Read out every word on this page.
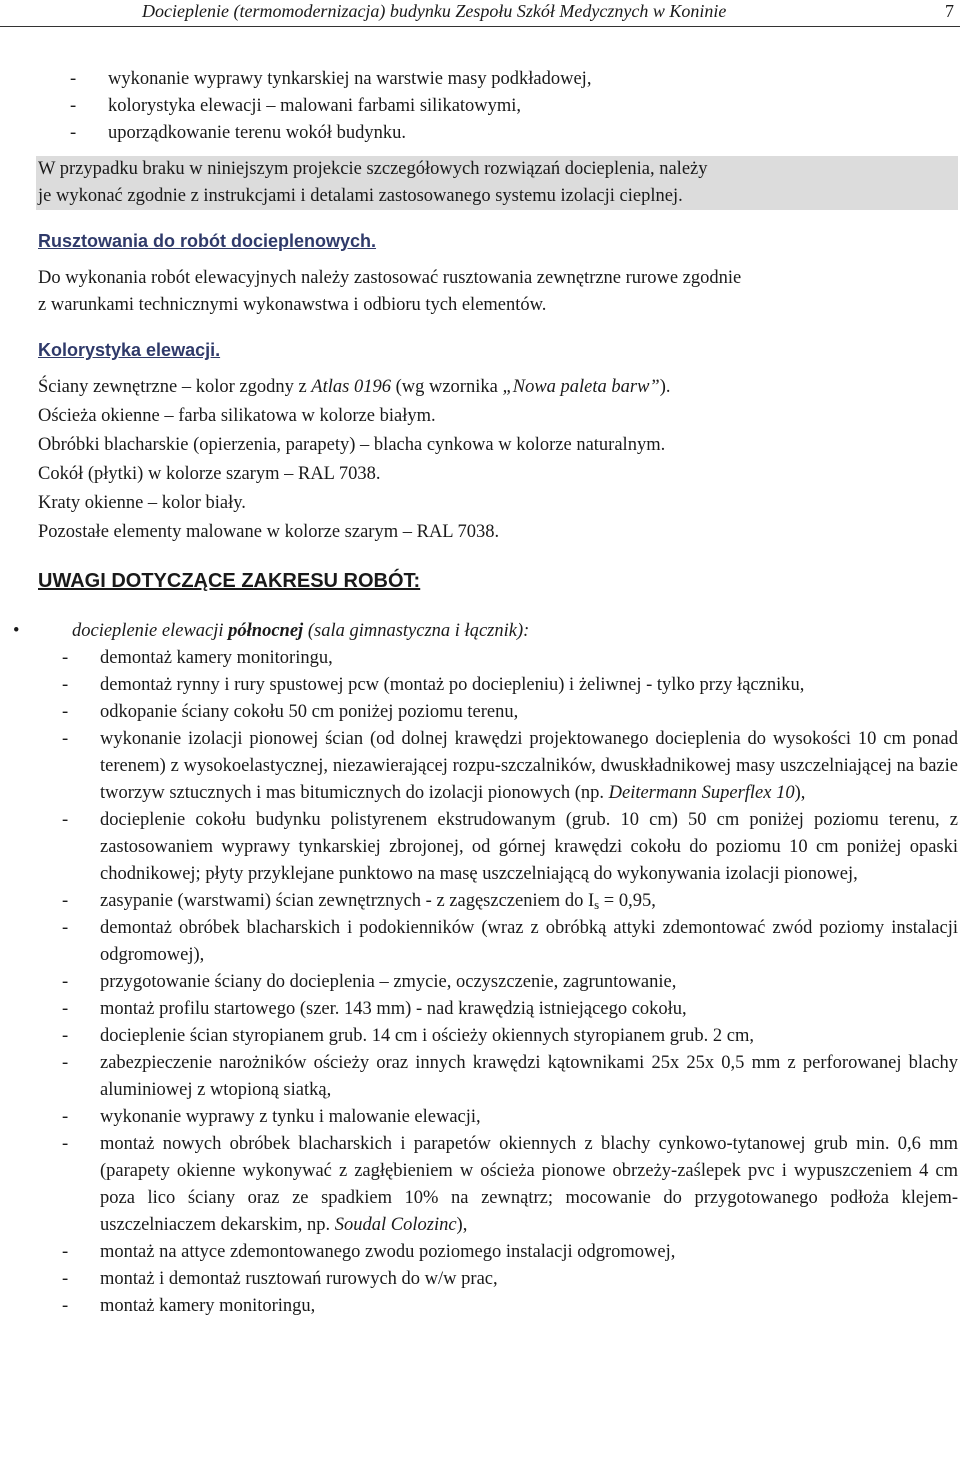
Docieplenie (termomodernizacja) budynku Zespołu Szkół Medycznych w Koninie	7
- wykonanie wyprawy tynkarskiej na warstwie masy podkładowej,
- kolorystyka elewacji – malowani farbami silikatowymi,
- uporządkowanie terenu wokół budynku.
W przypadku braku w niniejszym projekcie szczegółowych rozwiązań docieplenia, należy
je wykonać zgodnie z instrukcjami i detalami zastosowanego systemu izolacji cieplnej.
Rusztowania do robót docieplenowych.
Do wykonania robót elewacyjnych należy zastosować rusztowania zewnętrzne rurowe zgodnie
z warunkami technicznymi wykonawstwa i odbioru tych elementów.
Kolorystyka elewacji.
Ściany zewnętrzne – kolor zgodny z Atlas 0196 (wg wzornika „Nowa paleta barw”).
Ościeża okienne – farba silikatowa w kolorze białym.
Obróbki blacharskie (opierzenia, parapety) – blacha cynkowa w kolorze naturalnym.
Cokół (płytki) w kolorze szarym – RAL 7038.
Kraty okienne – kolor biały.
Pozostałe elementy malowane w kolorze szarym – RAL 7038.
UWAGI DOTYCZĄCE ZAKRESU ROBÓT:
•	docieplenie elewacji północnej (sala gimnastyczna i łącznik):
- demontaż kamery monitoringu,
- demontaż rynny i rury spustowej pcw (montaż po dociepleniu) i żeliwnej - tylko przy łączniku,
- odkopanie ściany cokołu 50 cm poniżej poziomu terenu,
- wykonanie izolacji pionowej ścian (od dolnej krawędzi projektowanego docieplenia do wysokości 10 cm ponad terenem) z wysokoelastycznej, niezawierającej rozpu-szczalników, dwuskładnikowej masy uszczelniającej na bazie tworzyw sztucznych i mas bitumicznych do izolacji pionowych (np. Deitermann Superflex 10),
- docieplenie cokołu budynku polistyrenem ekstrudowanym (grub. 10 cm) 50 cm poniżej poziomu terenu, z zastosowaniem wyprawy tynkarskiej zbrojonej, od górnej krawędzi cokołu do poziomu 10 cm poniżej opaski chodnikowej; płyty przyklejane punktowo na masę uszczelniającą do wykonywania izolacji pionowej,
- zasypanie (warstwami) ścian zewnętrznych - z zagęszczeniem do $I_s = 0,95$,
- demontaż obróbek blacharskich i podokienników (wraz z obróbką attyki zdemontować zwód poziomy instalacji odgromowej),
- przygotowanie ściany do docieplenia – zmycie, oczyszczenie, zagruntowanie,
- montaż profilu startowego (szer. 143 mm) - nad krawędzią istniejącego cokołu,
- docieplenie ścian styropianem grub. 14 cm i ościeży okiennych styropianem grub. 2 cm,
- zabezpieczenie narożników ościeży oraz innych krawędzi kątownikami 25x 25x 0,5 mm z perforowanej blachy aluminiowej z wtopioną siatką,
- wykonanie wyprawy z tynku i malowanie elewacji,
- montaż nowych obróbek blacharskich i parapetów okiennych z blachy cynkowo-tytanowej grub min. 0,6 mm (parapety okienne wykonywać z zagłębieniem w ościeża pionowe obrzeży-zaślepek pvc i wypuszczeniem 4 cm poza lico ściany oraz ze spadkiem 10% na zewnątrz; mocowanie do przygotowanego podłoża klejem-uszczelniaczem dekarskim, np. Soudal Colozinc),
- montaż na attyce zdemontowanego zwodu poziomego instalacji odgromowej,
- montaż i demontaż rusztowań rurowych do w/w prac,
- montaż kamery monitoringu,
